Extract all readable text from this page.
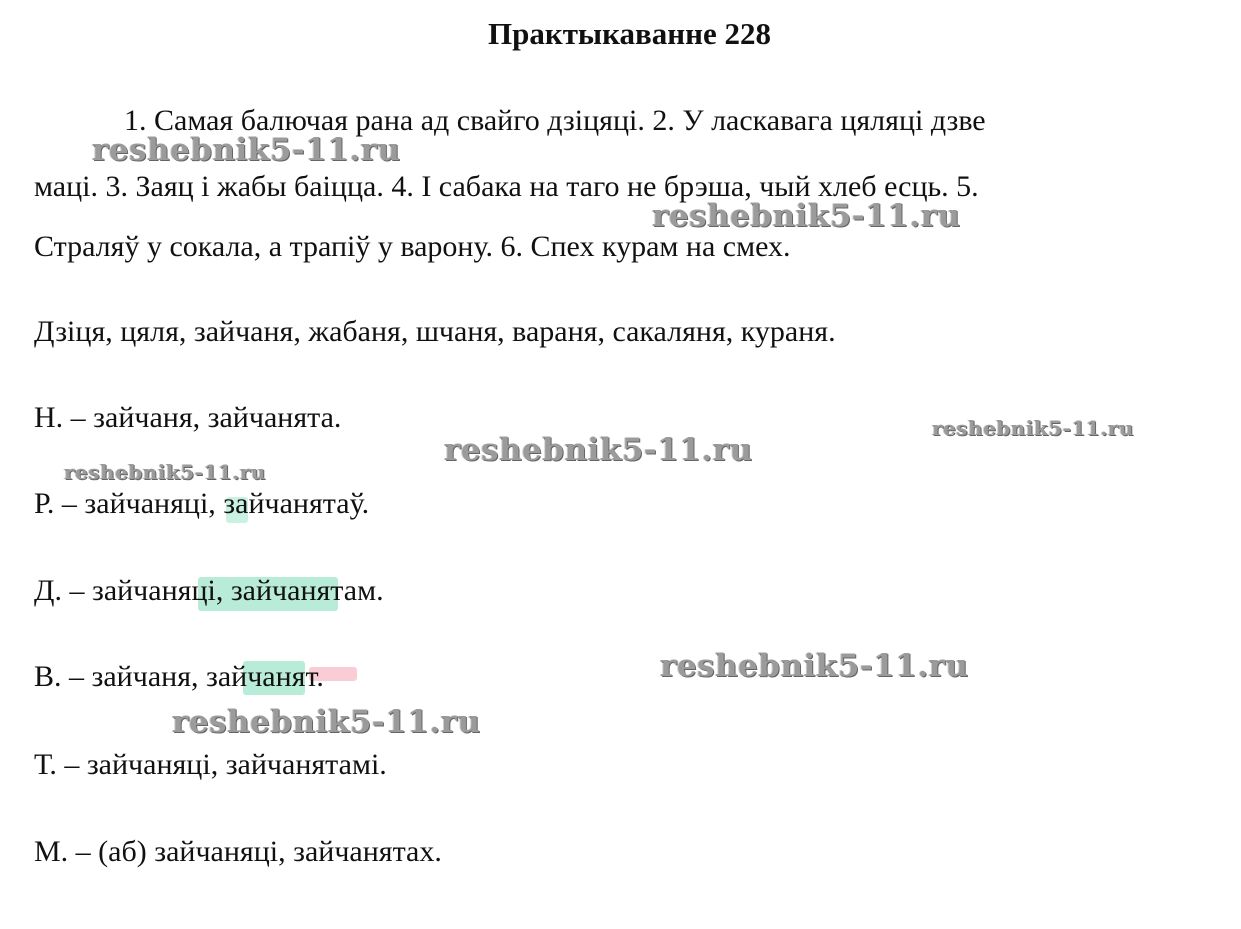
Практыкаванне 228
1. Самая балючая рана ад свайго дзіцяці. 2. У ласкавага цяляці дзве
маці. 3. Заяц і жабы баіцца. 4. І сабака на таго не брэша, чый хлеб есць. 5.
Страляў у сокала, а трапіў у варону. 6. Спех курам на смех.
Дзіця, цяля, зайчаня, жабаня, шчаня, вараня, сакаляня, кураня.
Н. – зайчаня, зайчанята.
Р. – зайчаняці, зайчанятаў.
Д. – зайчаняці, зайчанятам.
В. – зайчаня, зайчанят.
Т. – зайчаняці, зайчанятамі.
М. – (аб) зайчаняці, зайчанятах.
reshebnik5-11.ru
reshebnik5-11.ru
reshebnik5-11.ru
reshebnik5-11.ru
reshebnik5-11.ru
reshebnik5-11.ru
reshebnik5-11.ru
